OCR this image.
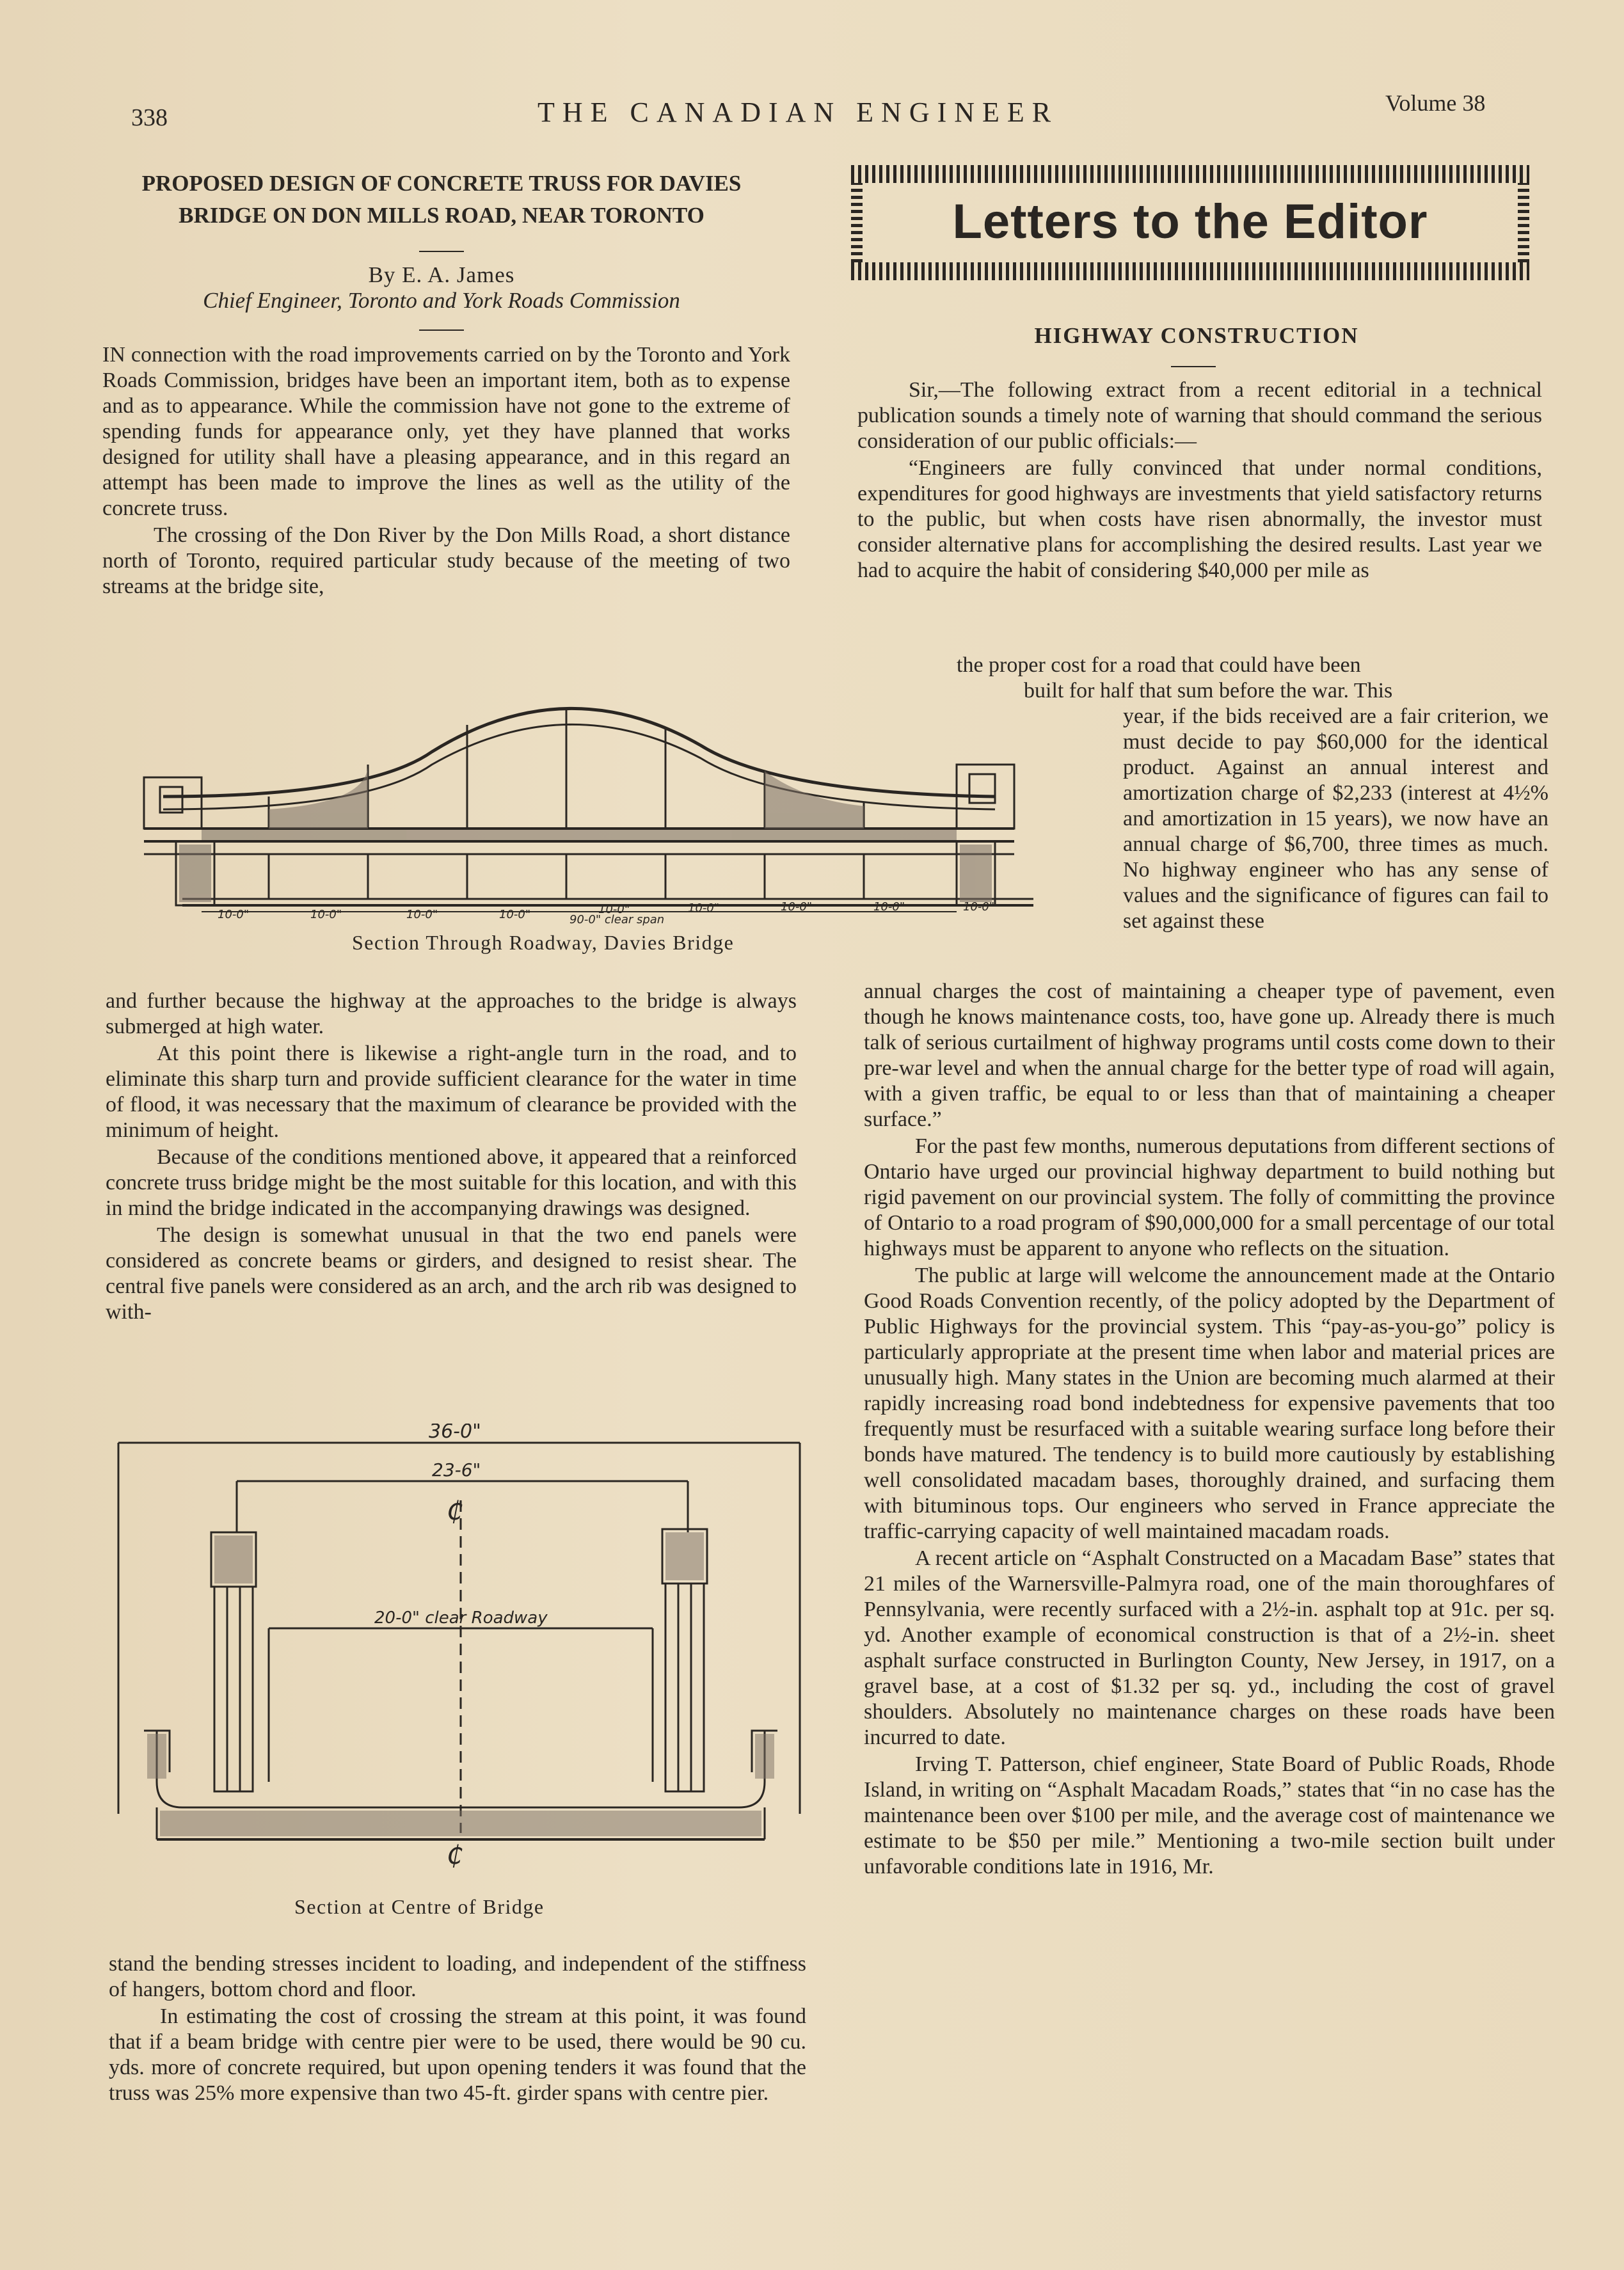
338	THE CANADIAN ENGINEER	Volume 38
PROPOSED DESIGN OF CONCRETE TRUSS FOR DAVIES
BRIDGE ON DON MILLS ROAD, NEAR TORONTO
By E. A. James
Chief Engineer, Toronto and York Roads Commission

IN connection with the road improvements carried on by the Toronto and York Roads Commission, bridges have been an important item, both as to expense and as to appearance. While the commission have not gone to the extreme of spending funds for appearance only, yet they have planned that works designed for utility shall have a pleasing appearance, and in this regard an attempt has been made to improve the lines as well as the utility of the concrete truss.

The crossing of the Don River by the Don Mills Road, a short distance north of Toronto, required particular study because of the meeting of two streams at the bridge site,

10-0"	10-0"	10-0"	10-0"	10-0"	10-0"	10-0"	10-0"	10-0"
90-0" clear span
Section Through Roadway, Davies Bridge

and further because the highway at the approaches to the bridge is always submerged at high water.

At this point there is likewise a right-angle turn in the road, and to eliminate this sharp turn and provide sufficient clearance for the water in time of flood, it was necessary that the maximum of clearance be provided with the minimum of height.

Because of the conditions mentioned above, it appeared that a reinforced concrete truss bridge might be the most suitable for this location, and with this in mind the bridge indicated in the accompanying drawings was designed.

The design is somewhat unusual in that the two end panels were considered as concrete beams or girders, and designed to resist shear. The central five panels were considered as an arch, and the arch rib was designed to with-

36-0"
23-6"
20-0" clear Roadway
₵
₵
Section at Centre of Bridge

stand the bending stresses incident to loading, and independent of the stiffness of hangers, bottom chord and floor.

In estimating the cost of crossing the stream at this point, it was found that if a beam bridge with centre pier were to be used, there would be 90 cu. yds. more of concrete required, but upon opening tenders it was found that the truss was 25% more expensive than two 45-ft. girder spans with centre pier.

Letters to the Editor
HIGHWAY CONSTRUCTION

Sir,—The following extract from a recent editorial in a technical publication sounds a timely note of warning that should command the serious consideration of our public officials:—

“Engineers are fully convinced that under normal conditions, expenditures for good highways are investments that yield satisfactory returns to the public, but when costs have risen abnormally, the investor must consider alternative plans for accomplishing the desired results. Last year we had to acquire the habit of considering $40,000 per mile as

the proper cost for a road that could have been
built for half that sum before the war. This
year, if the bids received are a fair criterion, we must decide to pay $60,000 for the identical product. Against an annual interest and amortization charge of $2,233 (interest at 4½% and amortization in 15 years), we now have an annual charge of $6,700, three times as much. No highway engineer who has any sense of values and the significance of figures can fail to set against these

annual charges the cost of maintaining a cheaper type of pavement, even though he knows maintenance costs, too, have gone up. Already there is much talk of serious curtailment of highway programs until costs come down to their pre-war level and when the annual charge for the better type of road will again, with a given traffic, be equal to or less than that of maintaining a cheaper surface.”

For the past few months, numerous deputations from different sections of Ontario have urged our provincial highway department to build nothing but rigid pavement on our provincial system. The folly of committing the province of Ontario to a road program of $90,000,000 for a small percentage of our total highways must be apparent to anyone who reflects on the situation.

The public at large will welcome the announcement made at the Ontario Good Roads Convention recently, of the policy adopted by the Department of Public Highways for the provincial system. This “pay-as-you-go” policy is particularly appropriate at the present time when labor and material prices are unusually high. Many states in the Union are becoming much alarmed at their rapidly increasing road bond indebtedness for expensive pavements that too frequently must be resurfaced with a suitable wearing surface long before their bonds have matured. The tendency is to build more cautiously by establishing well consolidated macadam bases, thoroughly drained, and surfacing them with bituminous tops. Our engineers who served in France appreciate the traffic-carrying capacity of well maintained macadam roads.

A recent article on “Asphalt Constructed on a Macadam Base” states that 21 miles of the Warnersville-Palmyra road, one of the main thoroughfares of Pennsylvania, were recently surfaced with a 2½-in. asphalt top at 91c. per sq. yd. Another example of economical construction is that of a 2½-in. sheet asphalt surface constructed in Burlington County, New Jersey, in 1917, on a gravel base, at a cost of $1.32 per sq. yd., including the cost of gravel shoulders. Absolutely no maintenance charges on these roads have been incurred to date.

Irving T. Patterson, chief engineer, State Board of Public Roads, Rhode Island, in writing on “Asphalt Macadam Roads,” states that “in no case has the maintenance been over $100 per mile, and the average cost of maintenance we estimate to be $50 per mile.” Mentioning a two-mile section built under unfavorable conditions late in 1916, Mr.
